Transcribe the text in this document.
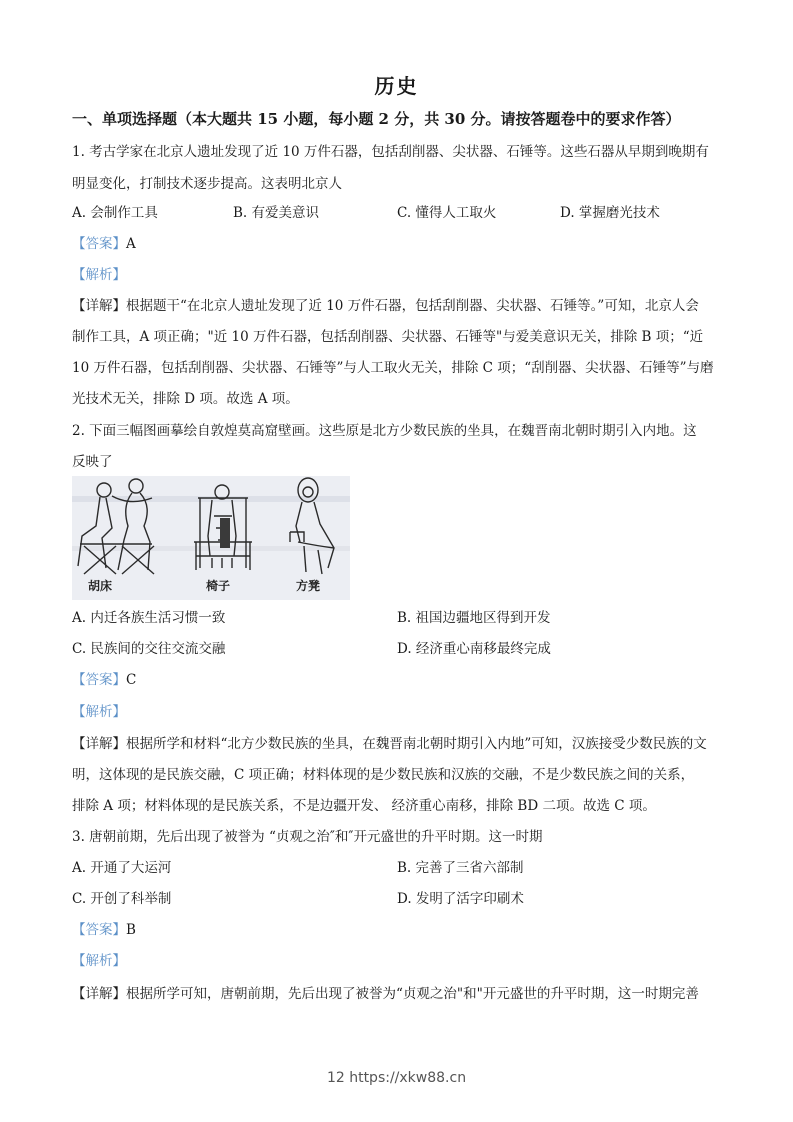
历史
一、单项选择题（本大题共 15 小题，每小题 2 分，共 30 分。请按答题卷中的要求作答）
1. 考古学家在北京人遗址发现了近 10 万件石器，包括刮削器、尖状器、石锤等。这些石器从早期到晚期有
明显变化，打制技术逐步提高。这表明北京人
A. 会制作工具	B. 有爱美意识	C. 懂得人工取火	D. 掌握磨光技术
【答案】A
【解析】
【详解】根据题干“在北京人遗址发现了近 10 万件石器，包括刮削器、尖状器、石锤等。”可知，北京人会
制作工具，A 项正确；"近 10 万件石器，包括刮削器、尖状器、石锤等"与爱美意识无关，排除 B 项；“近
10 万件石器，包括刮削器、尖状器、石锤等”与人工取火无关，排除 C 项；“刮削器、尖状器、石锤等”与磨
光技术无关，排除 D 项。故选 A 项。
2. 下面三幅图画摹绘自敦煌莫高窟壁画。这些原是北方少数民族的坐具，在魏晋南北朝时期引入内地。这
反映了
胡床	椅子	方凳
A. 内迁各族生活习惯一致	B. 祖国边疆地区得到开发
C. 民族间的交往交流交融	D. 经济重心南移最终完成
【答案】C
【解析】
【详解】根据所学和材料“北方少数民族的坐具，在魏晋南北朝时期引入内地”可知，汉族接受少数民族的文
明，这体现的是民族交融，C 项正确；材料体现的是少数民族和汉族的交融，不是少数民族之间的关系，
排除 A 项；材料体现的是民族关系，不是边疆开发、 经济重心南移，排除 BD 二项。故选 C 项。
3. 唐朝前期，先后出现了被誉为 “贞观之治″和″开元盛世的升平时期。这一时期
A. 开通了大运河	B. 完善了三省六部制
C. 开创了科举制	D. 发明了活字印刷术
【答案】B
【解析】
【详解】根据所学可知，唐朝前期，先后出现了被誉为“贞观之治"和"开元盛世的升平时期，这一时期完善
12 https://xkw88.cn
